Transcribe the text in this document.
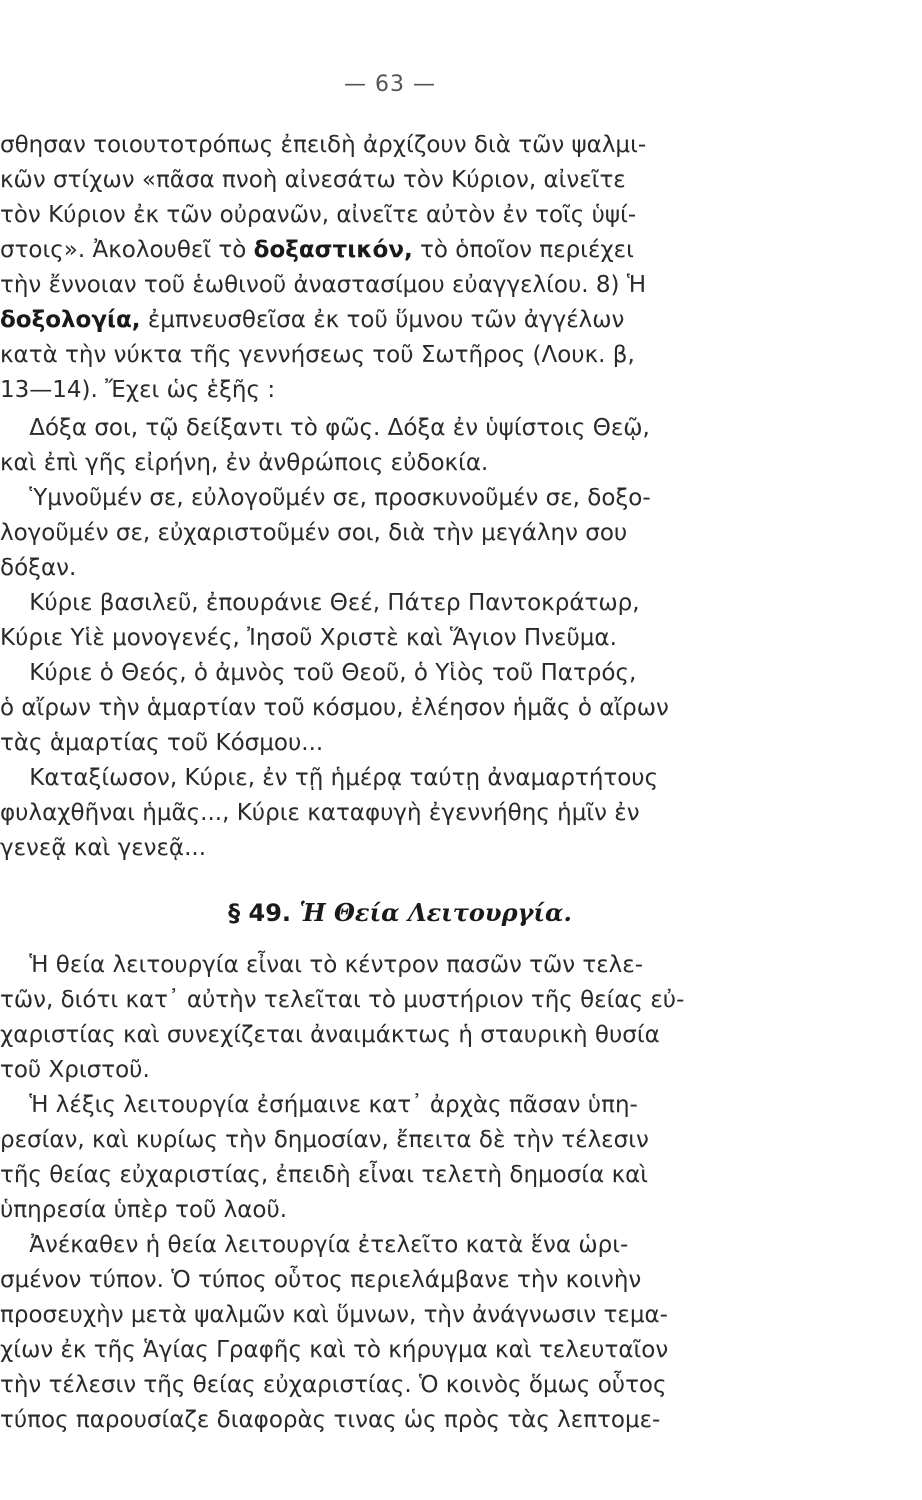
— 63 —
σθησαν τοιουτοτρόπως ἐπειδὴ ἀρχίζουν διὰ τῶν ψαλμι-
κῶν στίχων «πᾶσα πνοὴ αἰνεσάτω τὸν Κύριον, αἰνεῖτε
τὸν Κύριον ἐκ τῶν οὐρανῶν, αἰνεῖτε αὐτὸν ἐν τοῖς ὑψί-
στοις». Ἀκολουθεῖ τὸ δοξαστικόν, τὸ ὁποῖον περιέχει
τὴν ἔννοιαν τοῦ ἑωθινοῦ ἀναστασίμου εὐαγγελίου. 8) Ἡ
δοξολογία, ἐμπνευσθεῖσα ἐκ τοῦ ὕμνου τῶν ἀγγέλων
κατὰ τὴν νύκτα τῆς γεννήσεως τοῦ Σωτῆρος (Λουκ. β,
13—14). Ἔχει ὡς ἑξῆς :
Δόξα σοι, τῷ δείξαντι τὸ φῶς. Δόξα ἐν ὑψίστοις Θεῷ,
καὶ ἐπὶ γῆς εἰρήνη, ἐν ἀνθρώποις εὐδοκία.
Ὑμνοῦμέν σε, εὐλογοῦμέν σε, προσκυνοῦμέν σε, δοξο-
λογοῦμέν σε, εὐχαριστοῦμέν σοι, διὰ τὴν μεγάλην σου
δόξαν.
Κύριε βασιλεῦ, ἐπουράνιε Θεέ, Πάτερ Παντοκράτωρ,
Κύριε Υἱὲ μονογενές, Ἰησοῦ Χριστὲ καὶ Ἅγιον Πνεῦμα.
Κύριε ὁ Θεός, ὁ ἀμνὸς τοῦ Θεοῦ, ὁ Υἱὸς τοῦ Πατρός,
ὁ αἴρων τὴν ἁμαρτίαν τοῦ κόσμου, ἐλέησον ἡμᾶς ὁ αἴρων
τὰς ἁμαρτίας τοῦ Κόσμου...
Καταξίωσον, Κύριε, ἐν τῇ ἡμέρᾳ ταύτῃ ἀναμαρτήτους
φυλαχθῆναι ἡμᾶς..., Κύριε καταφυγὴ ἐγεννήθης ἡμῖν ἐν
γενεᾷ καὶ γενεᾷ...
§ 49. Ἡ Θεία Λειτουργία.
Ἡ θεία λειτουργία εἶναι τὸ κέντρον πασῶν τῶν τελε-
τῶν, διότι κατ᾿ αὐτὴν τελεῖται τὸ μυστήριον τῆς θείας εὐ-
χαριστίας καὶ συνεχίζεται ἀναιμάκτως ἡ σταυρικὴ θυσία
τοῦ Χριστοῦ.
Ἡ λέξις λειτουργία ἐσήμαινε κατ᾿ ἀρχὰς πᾶσαν ὑπη-
ρεσίαν, καὶ κυρίως τὴν δημοσίαν, ἔπειτα δὲ τὴν τέλεσιν
τῆς θείας εὐχαριστίας, ἐπειδὴ εἶναι τελετὴ δημοσία καὶ
ὑπηρεσία ὑπὲρ τοῦ λαοῦ.
Ἀνέκαθεν ἡ θεία λειτουργία ἐτελεῖτο κατὰ ἕνα ὡρι-
σμένον τύπον. Ὁ τύπος οὗτος περιελάμβανε τὴν κοινὴν
προσευχὴν μετὰ ψαλμῶν καὶ ὕμνων, τὴν ἀνάγνωσιν τεμα-
χίων ἐκ τῆς Ἁγίας Γραφῆς καὶ τὸ κήρυγμα καὶ τελευταῖον
τὴν τέλεσιν τῆς θείας εὐχαριστίας. Ὁ κοινὸς ὅμως οὗτος
τύπος παρουσίαζε διαφορὰς τινας ὡς πρὸς τὰς λεπτομε-
